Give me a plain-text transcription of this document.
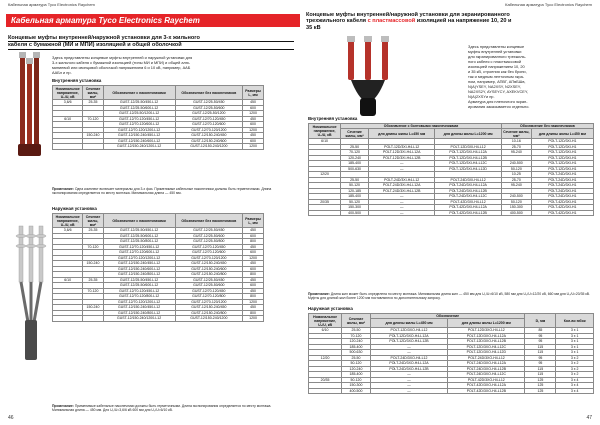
Кабельная арматура Tyco Electronics Raychem
Кабельная арматура Tyco Electronics Raychem
Концевые муфты внутренней/наружной установки для 3-х жильного
кабеля с бумажной (МИ и МПИ) изоляцией и общей оболочкой
Здесь представлены концевые муфты внутренней и наружной установки для
3-х жильного кабеля с бумажной изоляцией (типы МИ и МПИ) и общей алю-
миниевой или свинцовой оболочкой напряжением 6 и 10 кВ, например, ААБ
ААБл и пр.
Внутренняя установка
Номинальное напряжение, U₀/U, кВ	Сечение жилы, мм²	Обозначение с наконечниками	Обозначение без наконечников	Размеры L, мм
3,6/6	25-35	GUST-12/25-50/450-L12	GUST-12/25-50/450	450
		GUST-12/25-50/600-L12	GUST-12/25-50/600	600
		GUST-12/25-50/1200-L12	GUST-12/25-50/1200	1200
6/10	70-120	GUST-12/70-120/450-L12	GUST-12/70-120/450	450
		GUST-12/70-120/600-L12	GUST-12/70-120/600	600
		GUST-12/70-120/1200-L12	GUST-12/70-120/1200	1200
	150-240	GUST-12/150-240/450-L12	GUST-12/150-240/450	450
		GUST-12/150-240/600-L12	GUST-12/150-240/600	600
		GUST-12/150-240/1200-L12	GUST-12/150-240/1200	1200
Примечание: Одна комплект включает материалы для 3-х фаз. Применимые кабельные наконечники должны быть герметичными. Длина экспонирования определяется по месту монтажа. Минимальная длина — 450 мм.
Наружная установка
Номинальное напряжение, U₀/U, кВ	Сечение жилы, мм²	Обозначение с наконечниками	Обозначение без наконечников	Размеры L, мм
3,6/6	25-35	GUST-12/25-50/450-L12	GUST-12/25-50/450	450
		GUST-12/25-50/600-L12	GUST-12/25-50/600	600
		GUST-12/25-50/800-L12	GUST-12/25-50/800	800
	70-120	GUST-12/70-120/450-L12	GUST-12/70-120/450	450
		GUST-12/70-120/600-L12	GUST-12/70-120/600	600
		GUST-12/70-120/1200-L12	GUST-12/70-120/1200	1200
	150-240	GUST-12/150-240/450-L12	GUST-12/150-240/450	450
		GUST-12/150-240/600-L12	GUST-12/150-240/600	600
		GUST-12/150-240/800-L12	GUST-12/150-240/800	800
6/10	25-35	GUST-12/25-50/450-L12	GUST-12/25-50/450	450
		GUST-12/25-50/600-L12	GUST-12/25-50/600	600
	70-120	GUST-12/70-120/450-L12	GUST-12/70-120/450	450
		GUST-12/70-120/800-L12	GUST-12/70-120/800	800
		GUST-12/70-120/1200-L12	GUST-12/70-120/1200	1200
	150-240	GUST-12/150-240/450-L12	GUST-12/150-240/450	450
		GUST-12/150-240/800-L12	GUST-12/150-240/800	800
		GUST-12/150-240/1200-L12	GUST-12/150-240/1200	1200
Примечание: Применимые кабельные наконечники должны быть герметичными. Длина экспонирования определяется по месту монтажа. Минимальная длина — 450 мм. Для U₀/U=3,6/6 кВ 600 мм для U₀/U=6/10 кВ.
46
Кабельная арматура Tyco Electronics Raychem
Концевые муфты внутренней/наружной установки для экранированного
трехжильного кабеля с пластмассовой изоляцией на напряжение 10, 20 и
35 кВ
Здесь представлены концевые
муфты внутренней установки
для экранированного трехжиль-
ного кабеля с пластмассовой
изоляцией напряжением 10, 20
и 35 кВ, строения как без брони,
так и медным ленточным экра-
ном, например, АПВГ, АПвБШв,
N(A)YSEY, NA2XSY, N2XSEY,
NA2XS2Y, AYSEYCY, AXEKVCEY,
N(A)2XSYи пр.
Арматура для пленочного экран-
ирования заказывается отдельно.
Внутренняя установка
Номинальное напряжение, U₀/U, кВ	Обозначение с болтовыми наконечниками			Обозначение без наконечников	
	Сечение жилы, мм²	для длины жилы L=450 мм	для длины жилы L=1200 мм	Сечение жилы, мм²	для длины жилы L=450 мм
6/10				10-16	POLT-12D/3XI-H1
	25-50	POLT-12D/3XI-H4-L12	POLT-12D/3XI-H4-L12	25-70	POLT-12D/3XI-H1
	70-120	POLT-12D/3XI-H4-L12A	POLT-12D/3XI-H4-L12A	95-240	POLT-12D/3XI-H1
	120-240	POLT-12D/3XI-H4-L12B	POLT-12D/3XI-H4-L12B		POLT-12D/3XI-H1
	185-400	—	POLT-12D/3XI-H4-L12C	240-500	POLT-12D/3XI-H1
	500-630	—	POLT-12D/3XI-H4-L12D	50-120	POLT-12D/3XI-H1
12/20				10-25	POLT-24D/3XI-H1
	25-50	POLT-24D/3XI-H4-L12	POLT-24D/3XI-H4-L12	25-70	POLT-24D/3XI-H1
	50-120	POLT-24D/3XI-H4-L12A	POLT-24D/3XI-H4-L12A	95-240	POLT-24D/3XI-H1
	120-185	POLT-24D/3XI-H4-L12B	POLT-24D/3XI-H4-L12B		POLT-24D/3XI-H1
	185-400	—	POLT-24D/3XI-H4-L12C	240-500	POLT-24D/3XI-H1
20/35	50-120	—	POLT-42D/3XI-H4-L12	50-120	POLT-42D/3XI-H1
	150-300	—	POLT-42D/3XI-H4-L12A	150-300	POLT-42D/3XI-H1
	400-500	—	POLT-42D/3XI-H4-L12B	400-500	POLT-42D/3XI-H1
Примечание: Длина жил может быть определена по месту монтажа. Минимальная длина жил — 450 мм для U₀/U=6/10 кВ, 580 мм для U₀/U=12/20 кВ, 660 мм для U₀/U=20/35 кВ. Муфты для длиной жил более 1200 мм поставляются по дополнительному запросу.
Наружная установка
Номинальное напряжение, U₀/U, кВ	Сечение жилы, мм²	Обозначение		D, мм	Кол-во юбок
		для длины жилы L=450 мм	для длины жилы L=1200 мм		
6/10	25-50	POLT-12D/3XO-H4-L12	POLT-12D/3XO-H4-L12	85	3 x 1
	70-120	POLT-12D/3XO-H4-L12A	POLT-12D/3XO-H4-L12A	95	3 x 1
	120-240	POLT-12D/3XO-H4-L12B	POLT-12D/3XO-H4-L12B	95	3 x 1
	185-400	—	POLT-12D/3XO-H4-L12C	115	3 x 1
	500-630	—	POLT-12D/3XO-H4-L12D	115	3 x 1
12/20	25-50	POLT-24D/3XO-H4-L12	POLT-24D/3XO-H4-L12	95	3 x 2
	50-120	POLT-24D/3XO-H4-L12A	POLT-24D/3XO-H4-L12A	95	3 x 2
	120-240	POLT-24D/3XO-H4-L12B	POLT-24D/3XO-H4-L12B	115	3 x 2
	185-400	—	POLT-24D/3XO-H4-L12C	115	3 x 2
20/35	50-120	—	POLT-42D/3XO-H4-L12	125	3 x 4
	150-300	—	POLT-42D/3XO-H4-L12A	125	3 x 4
	400-500	—	POLT-42D/3XO-H4-L12B	125	3 x 4
47
